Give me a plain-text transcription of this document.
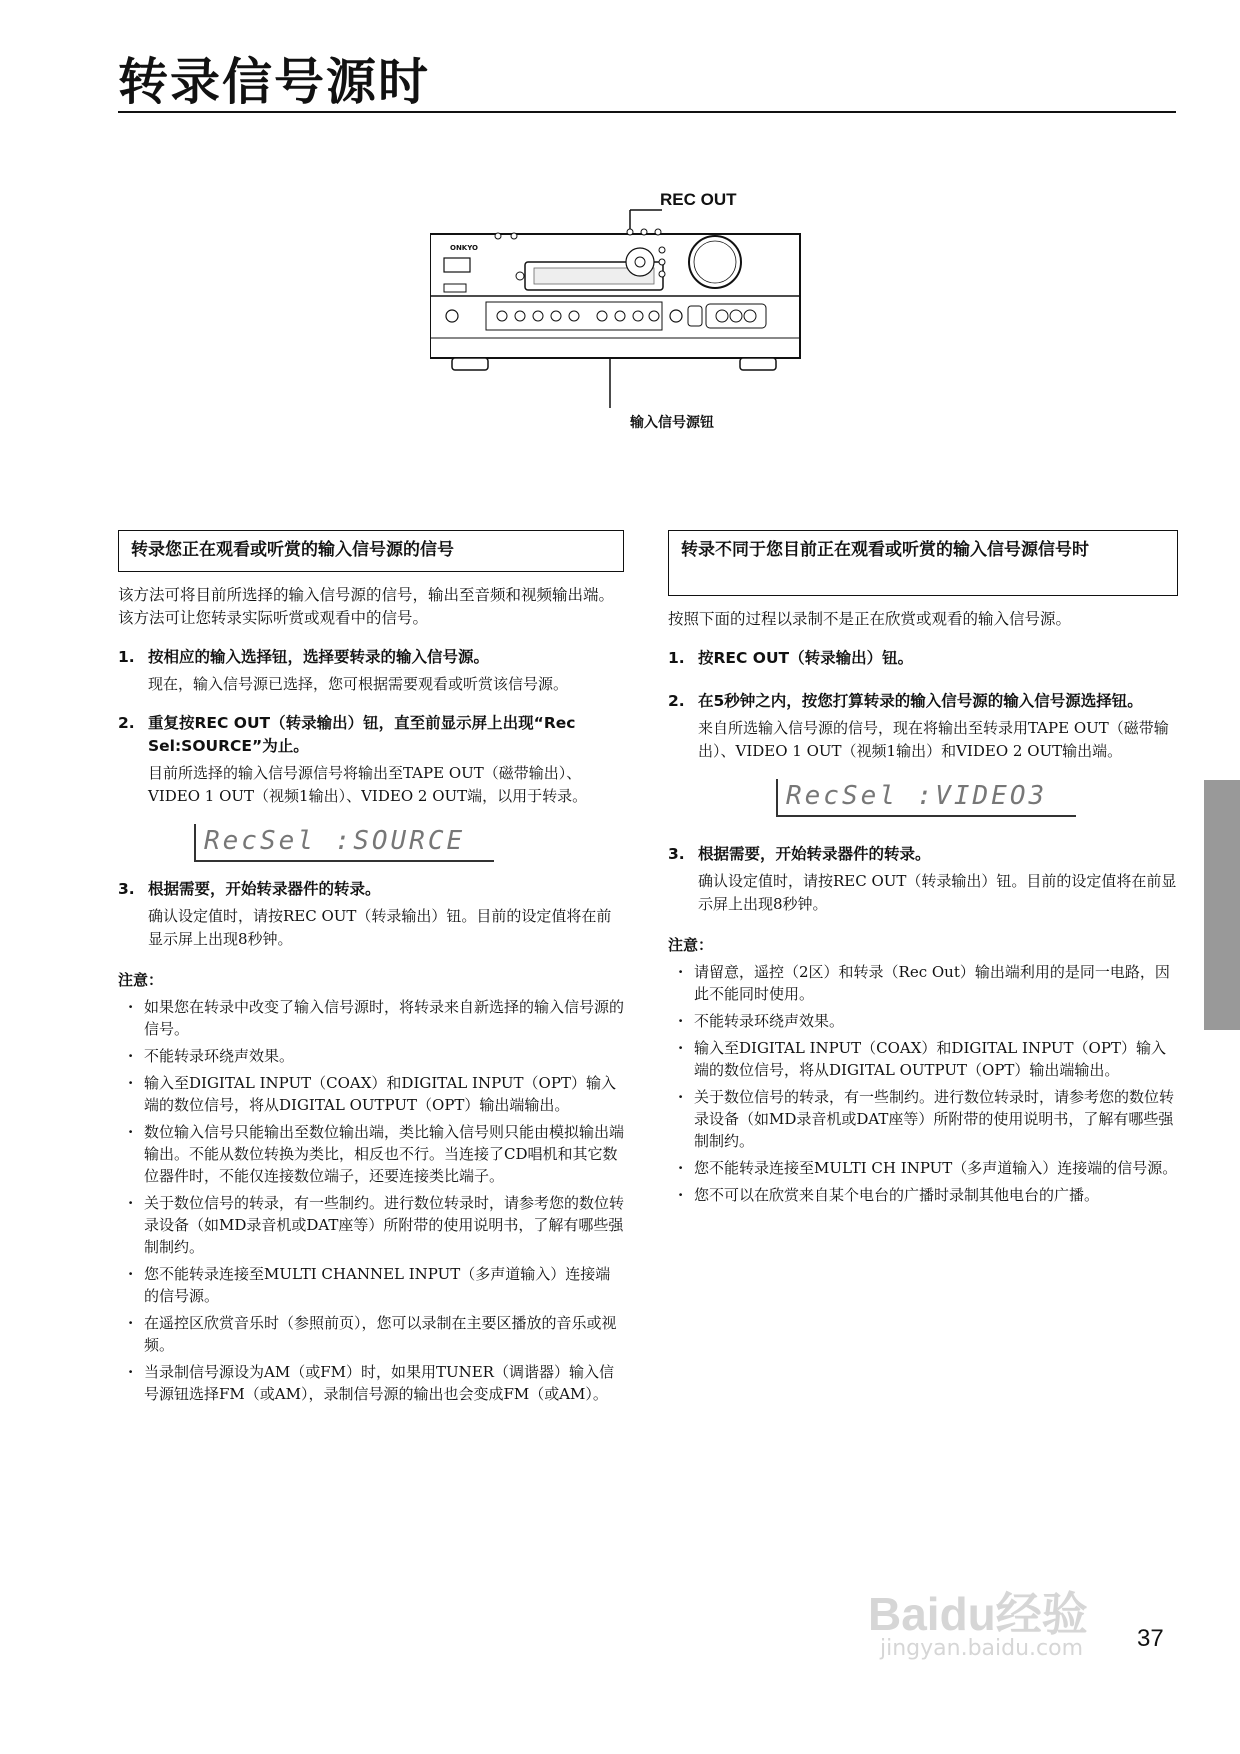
转录信号源时
ONKYO
REC OUT
输入信号源钮
转录您正在观看或听赏的输入信号源的信号

该方法可将目前所选择的输入信号源的信号，输出至音频和视频输出端。该方法可让您转录实际听赏或观看中的信号。

1. 按相应的输入选择钮，选择要转录的输入信号源。
现在，输入信号源已选择，您可根据需要观看或听赏该信号源。
2. 重复按REC OUT（转录输出）钮，直至前显示屏上出现“Rec Sel:SOURCE”为止。
目前所选择的输入信号源信号将输出至TAPE OUT（磁带输出）、VIDEO 1 OUT（视频1输出）、VIDEO 2 OUT端，以用于转录。
RecSel :SOURCE
3. 根据需要，开始转录器件的转录。
确认设定值时，请按REC OUT（转录输出）钮。目前的设定值将在前显示屏上出现8秒钟。
注意：
· 如果您在转录中改变了输入信号源时，将转录来自新选择的输入信号源的信号。
· 不能转录环绕声效果。
· 输入至DIGITAL INPUT（COAX）和DIGITAL INPUT（OPT）输入端的数位信号，将从DIGITAL OUTPUT（OPT）输出端输出。
· 数位输入信号只能输出至数位输出端，类比输入信号则只能由模拟输出端输出。不能从数位转换为类比，相反也不行。当连接了CD唱机和其它数位器件时，不能仅连接数位端子，还要连接类比端子。
· 关于数位信号的转录，有一些制约。进行数位转录时，请参考您的数位转录设备（如MD录音机或DAT座等）所附带的使用说明书，了解有哪些强制制约。
· 您不能转录连接至MULTI CHANNEL INPUT（多声道输入）连接端的信号源。
· 在遥控区欣赏音乐时（参照前页），您可以录制在主要区播放的音乐或视频。
· 当录制信号源设为AM（或FM）时，如果用TUNER（调谐器）输入信号源钮选择FM（或AM），录制信号源的输出也会变成FM（或AM）。
转录不同于您目前正在观看或听赏的输入信号源信号时

按照下面的过程以录制不是正在欣赏或观看的输入信号源。

1. 按REC OUT（转录输出）钮。
2. 在5秒钟之内，按您打算转录的输入信号源的输入信号源选择钮。
来自所选输入信号源的信号，现在将输出至转录用TAPE OUT（磁带输出）、VIDEO 1 OUT（视频1输出）和VIDEO 2 OUT输出端。
RecSel :VIDEO3
3. 根据需要，开始转录器件的转录。
确认设定值时，请按REC OUT（转录输出）钮。目前的设定值将在前显示屏上出现8秒钟。
注意：
· 请留意，遥控（2区）和转录（Rec Out）输出端利用的是同一电路，因此不能同时使用。
· 不能转录环绕声效果。
· 输入至DIGITAL INPUT（COAX）和DIGITAL INPUT（OPT）输入端的数位信号，将从DIGITAL OUTPUT（OPT）输出端输出。
· 关于数位信号的转录，有一些制约。进行数位转录时，请参考您的数位转录设备（如MD录音机或DAT座等）所附带的使用说明书，了解有哪些强制制约。
· 您不能转录连接至MULTI CH INPUT（多声道输入）连接端的信号源。
· 您不可以在欣赏来自某个电台的广播时录制其他电台的广播。
Baidu经验
jingyan.baidu.com 37
